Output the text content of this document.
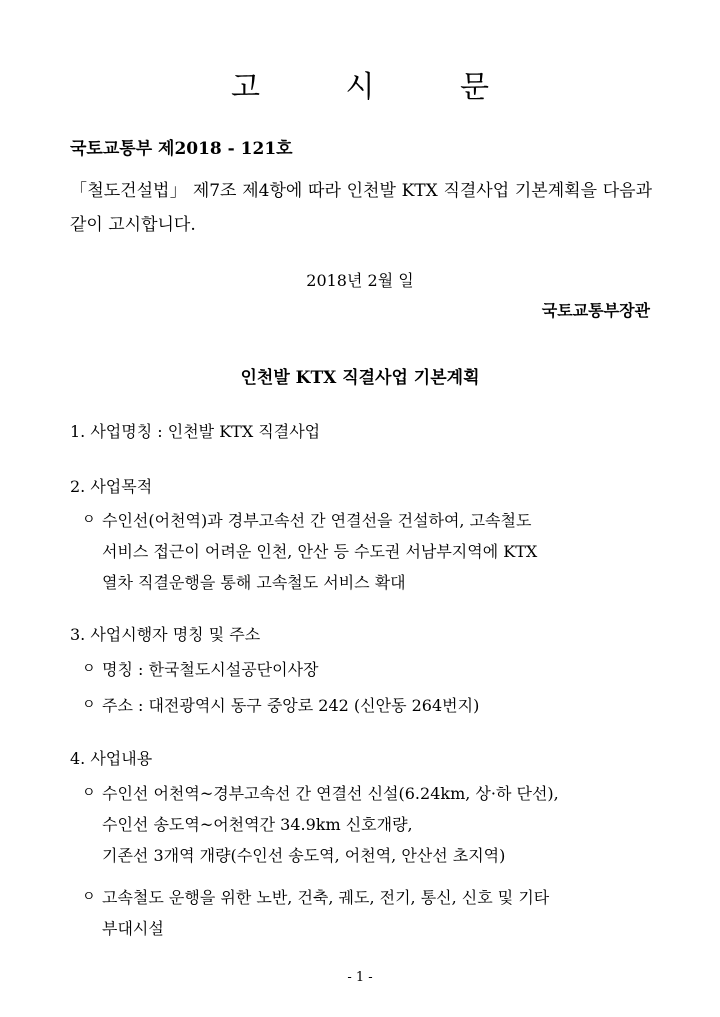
고 시 문
국토교통부 제2018 - 121호
「철도건설법」 제7조 제4항에 따라 인천발 KTX 직결사업 기본계획을 다음과 같이 고시합니다.
2018년 2월 일
국토교통부장관
인천발 KTX 직결사업 기본계획
1. 사업명칭 : 인천발 KTX 직결사업
2. 사업목적
ㅇ 수인선(어천역)과 경부고속선 간 연결선을 건설하여, 고속철도
서비스 접근이 어려운 인천, 안산 등 수도권 서남부지역에 KTX
열차 직결운행을 통해 고속철도 서비스 확대
3. 사업시행자 명칭 및 주소
ㅇ 명칭 : 한국철도시설공단이사장
ㅇ 주소 : 대전광역시 동구 중앙로 242 (신안동 264번지)
4. 사업내용
ㅇ 수인선 어천역~경부고속선 간 연결선 신설(6.24km, 상·하 단선),
수인선 송도역~어천역간 34.9km 신호개량,
기존선 3개역 개량(수인선 송도역, 어천역, 안산선 초지역)
ㅇ 고속철도 운행을 위한 노반, 건축, 궤도, 전기, 통신, 신호 및 기타
부대시설
- 1 -
